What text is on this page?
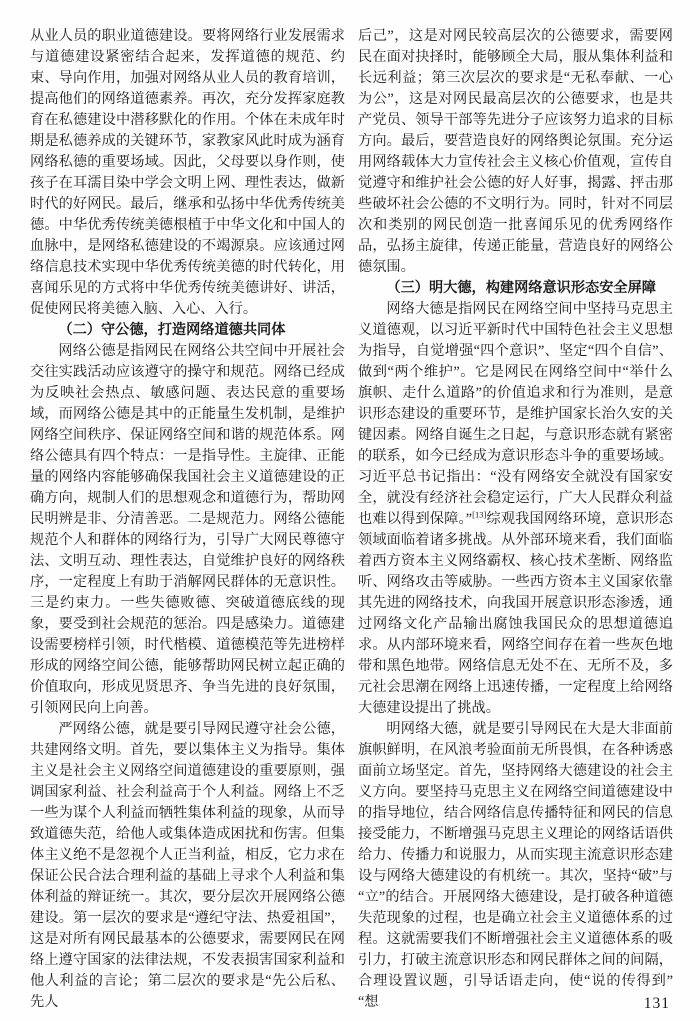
从业人员的职业道德建设。要将网络行业发展需求与道德建设紧密结合起来，发挥道德的规范、约束、导向作用，加强对网络从业人员的教育培训，提高他们的网络道德素养。再次，充分发挥家庭教育在私德建设中潜移默化的作用。个体在未成年时期是私德养成的关键环节，家教家风此时成为涵育网络私德的重要场域。因此，父母要以身作则，使孩子在耳濡目染中学会文明上网、理性表达，做新时代的好网民。最后，继承和弘扬中华优秀传统美德。中华优秀传统美德根植于中华文化和中国人的血脉中，是网络私德建设的不竭源泉。应该通过网络信息技术实现中华优秀传统美德的时代转化，用喜闻乐见的方式将中华优秀传统美德讲好、讲活，促使网民将美德入脑、入心、入行。

（二）守公德，打造网络道德共同体

网络公德是指网民在网络公共空间中开展社会交往实践活动应该遵守的操守和规范。网络已经成为反映社会热点、敏感问题、表达民意的重要场域，而网络公德是其中的正能量生发机制，是维护网络空间秩序、保证网络空间和谐的规范体系。网络公德具有四个特点：一是指导性。主旋律、正能量的网络内容能够确保我国社会主义道德建设的正确方向，规制人们的思想观念和道德行为，帮助网民明辨是非、分清善恶。二是规范力。网络公德能规范个人和群体的网络行为，引导广大网民尊德守法、文明互动、理性表达，自觉维护良好的网络秩序，一定程度上有助于消解网民群体的无意识性。三是约束力。一些失德败德、突破道德底线的现象，要受到社会规范的惩治。四是感染力。道德建设需要榜样引领，时代楷模、道德模范等先进榜样形成的网络空间公德，能够帮助网民树立起正确的价值取向，形成见贤思齐、争当先进的良好氛围，引领网民向上向善。

严网络公德，就是要引导网民遵守社会公德，共建网络文明。首先，要以集体主义为指导。集体主义是社会主义网络空间道德建设的重要原则，强调国家利益、社会利益高于个人利益。网络上不乏一些为谋个人利益而牺牲集体利益的现象，从而导致道德失范，给他人或集体造成困扰和伤害。但集体主义绝不是忽视个人正当利益，相反，它力求在保证公民合法合理利益的基础上寻求个人利益和集体利益的辩证统一。其次，要分层次开展网络公德建设。第一层次的要求是“遵纪守法、热爱祖国”，这是对所有网民最基本的公德要求，需要网民在网络上遵守国家的法律法规，不发表损害国家利益和他人利益的言论；第二层次的要求是“先公后私、先人

后己”，这是对网民较高层次的公德要求，需要网民在面对抉择时，能够顾全大局，服从集体利益和长远利益；第三次层次的要求是“无私奉献、一心为公”，这是对网民最高层次的公德要求，也是共产党员、领导干部等先进分子应该努力追求的目标方向。最后，要营造良好的网络舆论氛围。充分运用网络载体大力宣传社会主义核心价值观，宣传自觉遵守和维护社会公德的好人好事，揭露、抨击那些破坏社会公德的不文明行为。同时，针对不同层次和类别的网民创造一批喜闻乐见的优秀网络作品，弘扬主旋律，传递正能量，营造良好的网络公德氛围。

（三）明大德，构建网络意识形态安全屏障

网络大德是指网民在网络空间中坚持马克思主义道德观，以习近平新时代中国特色社会主义思想为指导，自觉增强“四个意识”、坚定“四个自信”、做到“两个维护”。它是网民在网络空间中“举什么旗帜、走什么道路”的价值追求和行为准则，是意识形态建设的重要环节，是维护国家长治久安的关键因素。网络自诞生之日起，与意识形态就有紧密的联系，如今已经成为意识形态斗争的重要场域。习近平总书记指出：“没有网络安全就没有国家安全，就没有经济社会稳定运行，广大人民群众利益也难以得到保障。”[13]综观我国网络环境，意识形态领域面临着诸多挑战。从外部环境来看，我们面临着西方资本主义网络霸权、核心技术垄断、网络监听、网络攻击等威胁。一些西方资本主义国家依靠其先进的网络技术，向我国开展意识形态渗透，通过网络文化产品输出腐蚀我国民众的思想道德追求。从内部环境来看，网络空间存在着一些灰色地带和黑色地带。网络信息无处不在、无所不及，多元社会思潮在网络上迅速传播，一定程度上给网络大德建设提出了挑战。

明网络大德，就是要引导网民在大是大非面前旗帜鲜明，在风浪考验面前无所畏惧，在各种诱惑面前立场坚定。首先，坚持网络大德建设的社会主义方向。要坚持马克思主义在网络空间道德建设中的指导地位，结合网络信息传播特征和网民的信息接受能力，不断增强马克思主义理论的网络话语供给力、传播力和说服力，从而实现主流意识形态建设与网络大德建设的有机统一。其次，坚持“破”与“立”的结合。开展网络大德建设，是打破各种道德失范现象的过程，也是确立社会主义道德体系的过程。这就需要我们不断增强社会主义道德体系的吸引力，打破主流意识形态和网民群体之间的间隔，合理设置议题，引导话语走向，使“说的传得到”“想	131
